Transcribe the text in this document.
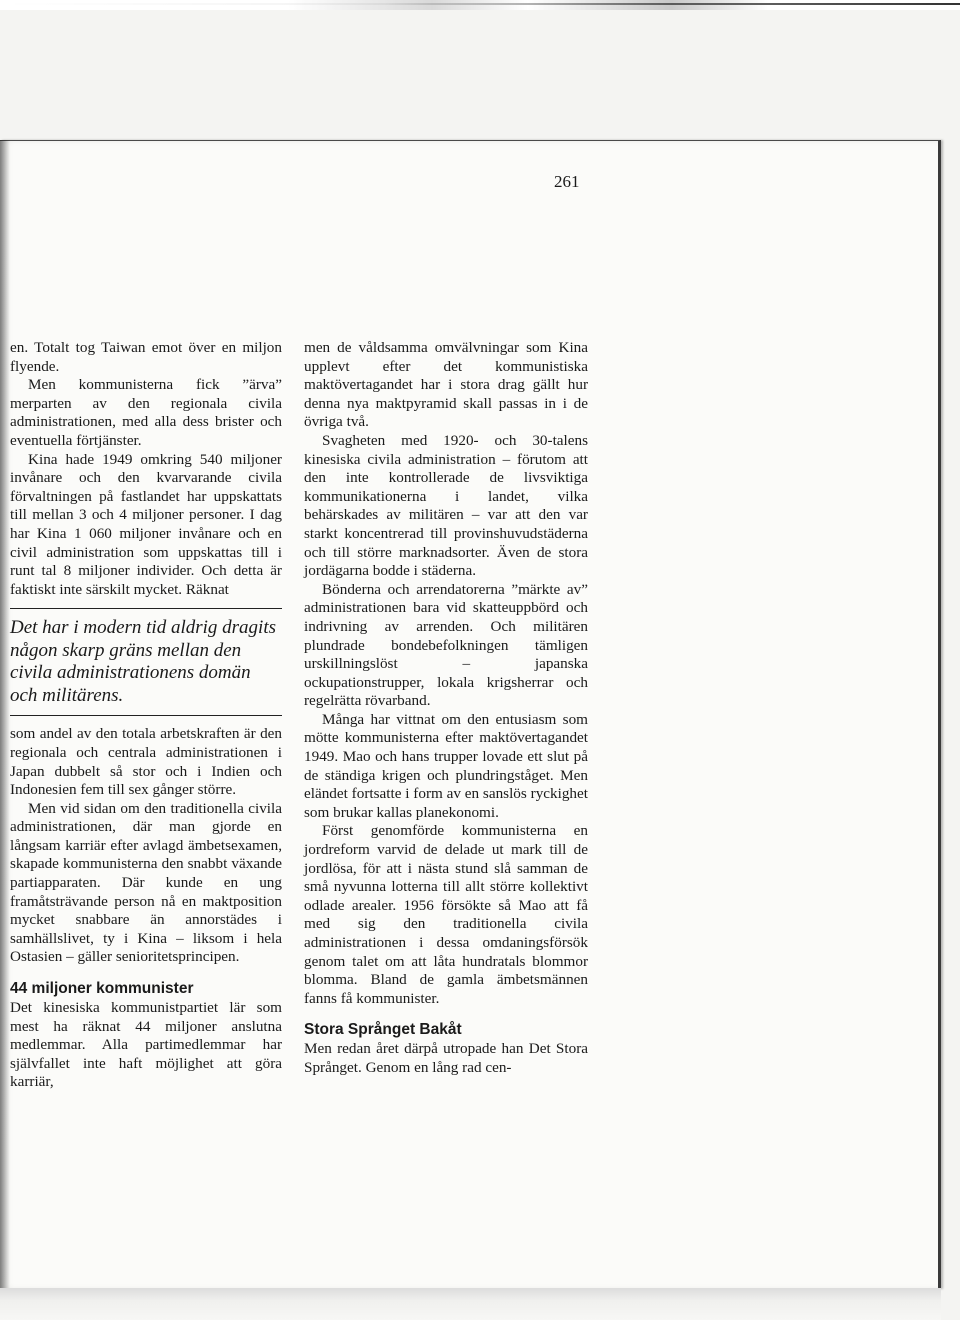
261

en. Totalt tog Taiwan emot över en miljon flyende.

Men kommunisterna fick ”ärva” merparten av den regionala civila administrationen, med alla dess brister och eventuella förtjänster.

Kina hade 1949 omkring 540 miljoner invånare och den kvarvarande civila förvaltningen på fastlandet har uppskattats till mellan 3 och 4 miljoner personer. I dag har Kina 1 060 miljoner invånare och en civil administration som uppskattas till i runt tal 8 miljoner individer. Och detta är faktiskt inte särskilt mycket. Räknat

Det har i modern tid aldrig dragits någon skarp gräns mellan den civila administrationens domän och militärens.

som andel av den totala arbetskraften är den regionala och centrala administrationen i Japan dubbelt så stor och i Indien och Indonesien fem till sex gånger större.

Men vid sidan om den traditionella civila administrationen, där man gjorde en långsam karriär efter avlagd ämbetsexamen, skapade kommunisterna den snabbt växande partiapparaten. Där kunde en ung framåtsträvande person nå en maktposition mycket snabbare än annorstädes i samhällslivet, ty i Kina – liksom i hela Ostasien – gäller senioritetsprincipen.

44 miljoner kommunister

Det kinesiska kommunistpartiet lär som mest ha räknat 44 miljoner anslutna medlemmar. Alla partimedlemmar har självfallet inte haft möjlighet att göra karriär,

men de våldsamma omvälvningar som Kina upplevt efter det kommunistiska maktövertagandet har i stora drag gällt hur denna nya maktpyramid skall passas in i de övriga två.

Svagheten med 1920- och 30-talens kinesiska civila administration – förutom att den inte kontrollerade de livsviktiga kommunikationerna i landet, vilka behärskades av militären – var att den var starkt koncentrerad till provinshuvudstäderna och till större marknadsorter. Även de stora jordägarna bodde i städerna.

Bönderna och arrendatorerna ”märkte av” administrationen bara vid skatteuppbörd och indrivning av arrenden. Och militären plundrade bondebefolkningen tämligen urskillningslöst – japanska ockupationstrupper, lokala krigsherrar och regelrätta rövarband.

Många har vittnat om den entusiasm som mötte kommunisterna efter maktövertagandet 1949. Mao och hans trupper lovade ett slut på de ständiga krigen och plundringståget. Men eländet fortsatte i form av en sanslös ryckighet som brukar kallas planekonomi.

Först genomförde kommunisterna en jordreform varvid de delade ut mark till de jordlösa, för att i nästa stund slå samman de små nyvunna lotterna till allt större kollektivt odlade arealer. 1956 försökte så Mao att få med sig den traditionella civila administrationen i dessa omdaningsförsök genom talet om att låta hundratals blommor blomma. Bland de gamla ämbetsmännen fanns få kommunister.

Stora Språnget Bakåt

Men redan året därpå utropade han Det Stora Språnget. Genom en lång rad cen-
